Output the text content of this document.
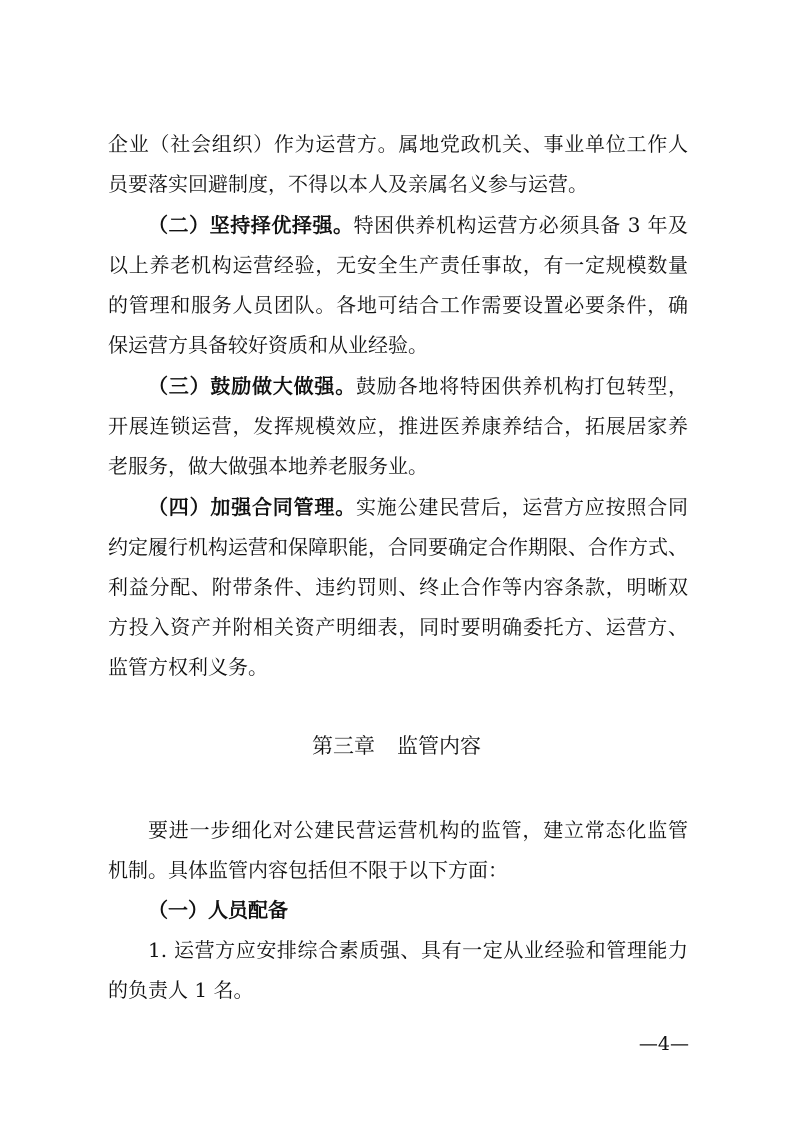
企业（社会组织）作为运营方。属地党政机关、事业单位工作人
员要落实回避制度，不得以本人及亲属名义参与运营。
（二）坚持择优择强。特困供养机构运营方必须具备 3 年及
以上养老机构运营经验，无安全生产责任事故，有一定规模数量
的管理和服务人员团队。各地可结合工作需要设置必要条件，确
保运营方具备较好资质和从业经验。
（三）鼓励做大做强。鼓励各地将特困供养机构打包转型，
开展连锁运营，发挥规模效应，推进医养康养结合，拓展居家养
老服务，做大做强本地养老服务业。
（四）加强合同管理。实施公建民营后，运营方应按照合同
约定履行机构运营和保障职能，合同要确定合作期限、合作方式、
利益分配、附带条件、违约罚则、终止合作等内容条款，明晰双
方投入资产并附相关资产明细表，同时要明确委托方、运营方、
监管方权利义务。
第三章 监管内容
要进一步细化对公建民营运营机构的监管，建立常态化监管
机制。具体监管内容包括但不限于以下方面：
（一）人员配备
1. 运营方应安排综合素质强、具有一定从业经验和管理能力
的负责人 1 名。
—4—
